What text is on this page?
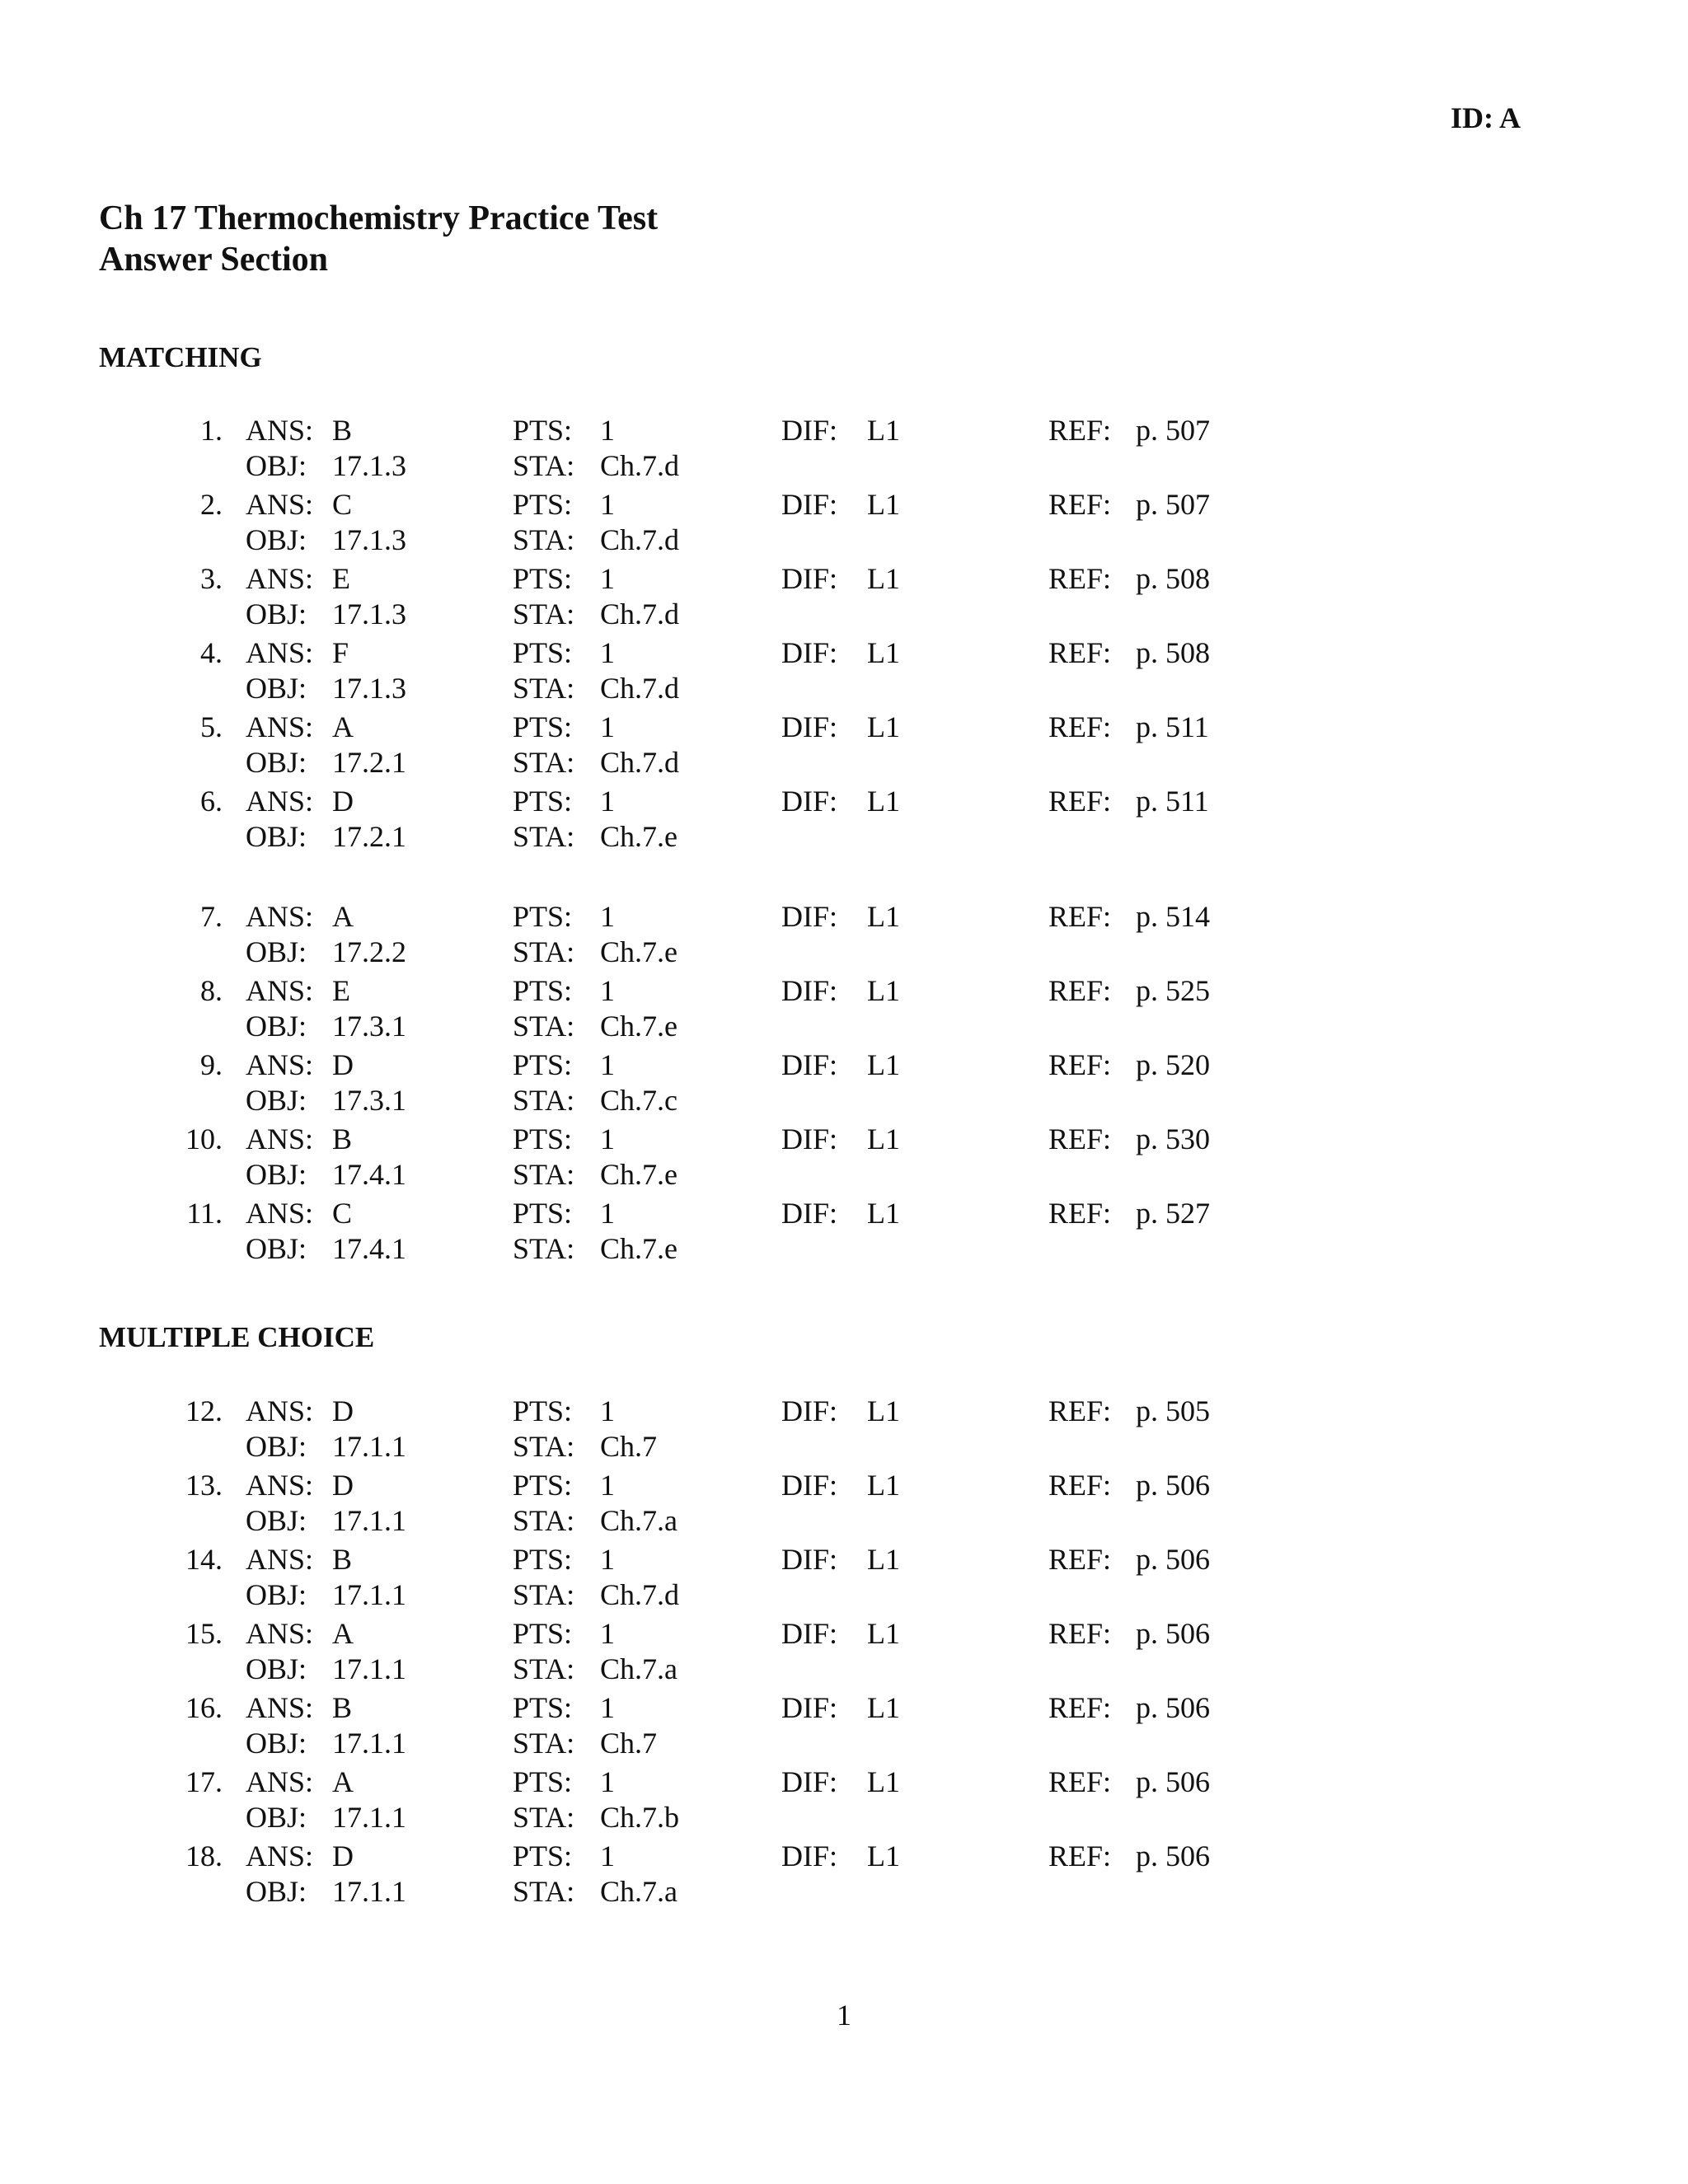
ID: A
Ch 17 Thermochemistry Practice Test
Answer Section
MATCHING
1. ANS: B	PTS: 1	DIF: L1	REF: p. 507
OBJ: 17.1.3	STA: Ch.7.d
2. ANS: C	PTS: 1	DIF: L1	REF: p. 507
OBJ: 17.1.3	STA: Ch.7.d
3. ANS: E	PTS: 1	DIF: L1	REF: p. 508
OBJ: 17.1.3	STA: Ch.7.d
4. ANS: F	PTS: 1	DIF: L1	REF: p. 508
OBJ: 17.1.3	STA: Ch.7.d
5. ANS: A	PTS: 1	DIF: L1	REF: p. 511
OBJ: 17.2.1	STA: Ch.7.d
6. ANS: D	PTS: 1	DIF: L1	REF: p. 511
OBJ: 17.2.1	STA: Ch.7.e
7. ANS: A	PTS: 1	DIF: L1	REF: p. 514
OBJ: 17.2.2	STA: Ch.7.e
8. ANS: E	PTS: 1	DIF: L1	REF: p. 525
OBJ: 17.3.1	STA: Ch.7.e
9. ANS: D	PTS: 1	DIF: L1	REF: p. 520
OBJ: 17.3.1	STA: Ch.7.c
10. ANS: B	PTS: 1	DIF: L1	REF: p. 530
OBJ: 17.4.1	STA: Ch.7.e
11. ANS: C	PTS: 1	DIF: L1	REF: p. 527
OBJ: 17.4.1	STA: Ch.7.e
MULTIPLE CHOICE
12. ANS: D	PTS: 1	DIF: L1	REF: p. 505
OBJ: 17.1.1	STA: Ch.7
13. ANS: D	PTS: 1	DIF: L1	REF: p. 506
OBJ: 17.1.1	STA: Ch.7.a
14. ANS: B	PTS: 1	DIF: L1	REF: p. 506
OBJ: 17.1.1	STA: Ch.7.d
15. ANS: A	PTS: 1	DIF: L1	REF: p. 506
OBJ: 17.1.1	STA: Ch.7.a
16. ANS: B	PTS: 1	DIF: L1	REF: p. 506
OBJ: 17.1.1	STA: Ch.7
17. ANS: A	PTS: 1	DIF: L1	REF: p. 506
OBJ: 17.1.1	STA: Ch.7.b
18. ANS: D	PTS: 1	DIF: L1	REF: p. 506
OBJ: 17.1.1	STA: Ch.7.a
1
